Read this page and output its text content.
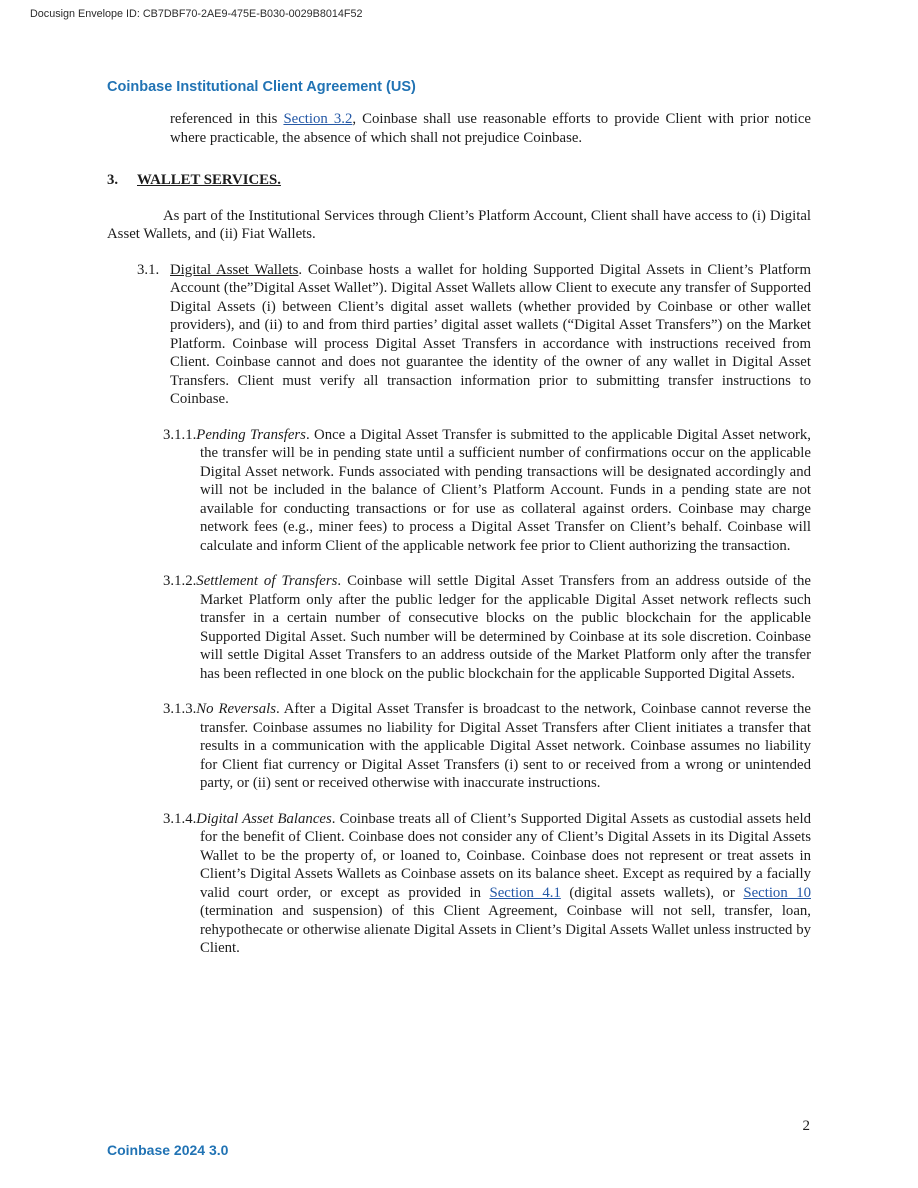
Docusign Envelope ID: CB7DBF70-2AE9-475E-B030-0029B8014F52
Coinbase Institutional Client Agreement (US)

referenced in this Section 3.2, Coinbase shall use reasonable efforts to provide Client with prior notice where practicable, the absence of which shall not prejudice Coinbase.

3. WALLET SERVICES.

As part of the Institutional Services through Client’s Platform Account, Client shall have access to (i) Digital Asset Wallets, and (ii) Fiat Wallets.

3.1. Digital Asset Wallets. Coinbase hosts a wallet for holding Supported Digital Assets in Client’s Platform Account (the”Digital Asset Wallet”). Digital Asset Wallets allow Client to execute any transfer of Supported Digital Assets (i) between Client’s digital asset wallets (whether provided by Coinbase or other wallet providers), and (ii) to and from third parties’ digital asset wallets (“Digital Asset Transfers”) on the Market Platform. Coinbase will process Digital Asset Transfers in accordance with instructions received from Client. Coinbase cannot and does not guarantee the identity of the owner of any wallet in Digital Asset Transfers. Client must verify all transaction information prior to submitting transfer instructions to Coinbase.

3.1.1.Pending Transfers. Once a Digital Asset Transfer is submitted to the applicable Digital Asset network, the transfer will be in pending state until a sufficient number of confirmations occur on the applicable Digital Asset network. Funds associated with pending transactions will be designated accordingly and will not be included in the balance of Client’s Platform Account. Funds in a pending state are not available for conducting transactions or for use as collateral against orders. Coinbase may charge network fees (e.g., miner fees) to process a Digital Asset Transfer on Client’s behalf. Coinbase will calculate and inform Client of the applicable network fee prior to Client authorizing the transaction.

3.1.2.Settlement of Transfers. Coinbase will settle Digital Asset Transfers from an address outside of the Market Platform only after the public ledger for the applicable Digital Asset network reflects such transfer in a certain number of consecutive blocks on the public blockchain for the applicable Supported Digital Asset. Such number will be determined by Coinbase at its sole discretion. Coinbase will settle Digital Asset Transfers to an address outside of the Market Platform only after the transfer has been reflected in one block on the public blockchain for the applicable Supported Digital Assets.

3.1.3.No Reversals. After a Digital Asset Transfer is broadcast to the network, Coinbase cannot reverse the transfer. Coinbase assumes no liability for Digital Asset Transfers after Client initiates a transfer that results in a communication with the applicable Digital Asset network. Coinbase assumes no liability for Client fiat currency or Digital Asset Transfers (i) sent to or received from a wrong or unintended party, or (ii) sent or received otherwise with inaccurate instructions.

3.1.4.Digital Asset Balances. Coinbase treats all of Client’s Supported Digital Assets as custodial assets held for the benefit of Client. Coinbase does not consider any of Client’s Digital Assets in its Digital Assets Wallet to be the property of, or loaned to, Coinbase. Coinbase does not represent or treat assets in Client’s Digital Assets Wallets as Coinbase assets on its balance sheet. Except as required by a facially valid court order, or except as provided in Section 4.1 (digital assets wallets), or Section 10 (termination and suspension) of this Client Agreement, Coinbase will not sell, transfer, loan, rehypothecate or otherwise alienate Digital Assets in Client’s Digital Assets Wallet unless instructed by Client.

2
Coinbase 2024 3.0
